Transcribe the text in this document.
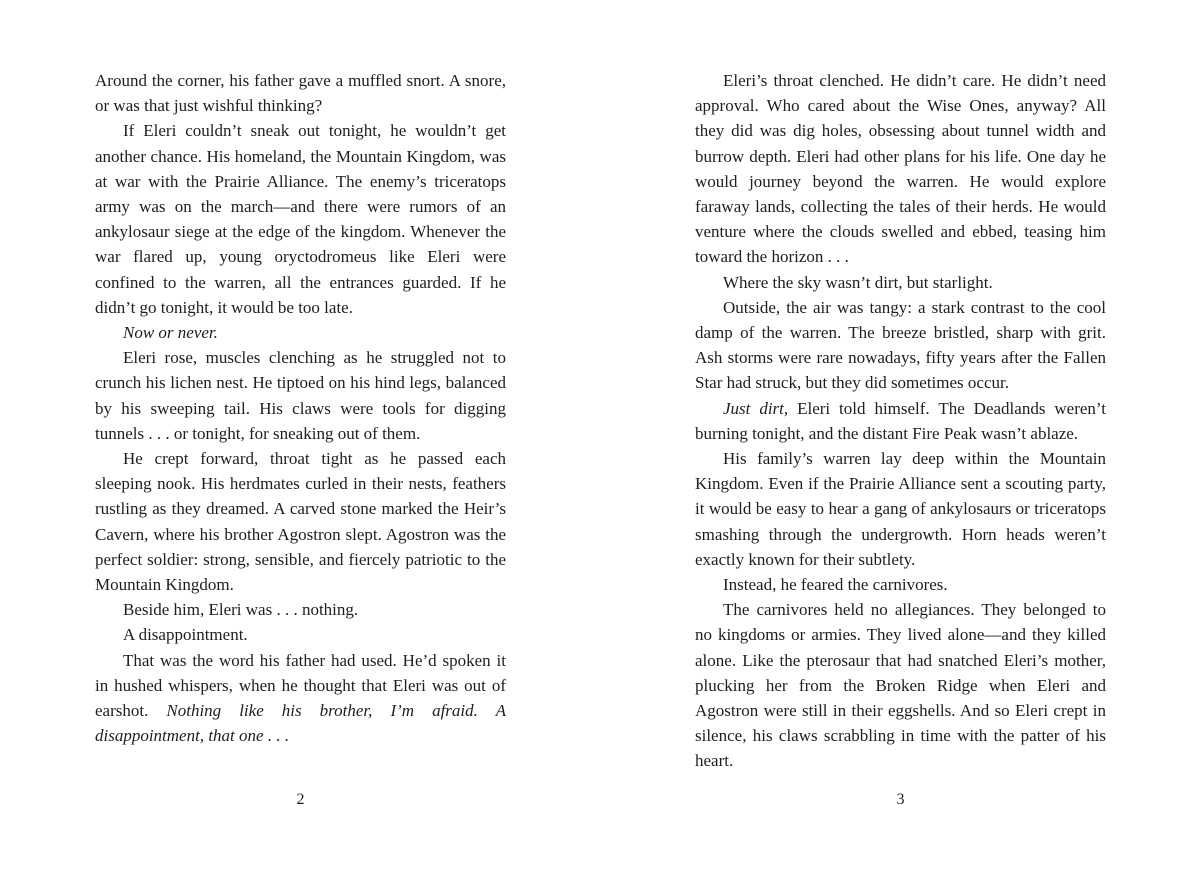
Around the corner, his father gave a muffled snort. A snore, or was that just wishful thinking?

If Eleri couldn’t sneak out tonight, he wouldn’t get another chance. His homeland, the Mountain Kingdom, was at war with the Prairie Alliance. The enemy’s triceratops army was on the march—and there were rumors of an ankylosaur siege at the edge of the kingdom. Whenever the war flared up, young oryctodromeus like Eleri were confined to the warren, all the entrances guarded. If he didn’t go tonight, it would be too late.

Now or never.

Eleri rose, muscles clenching as he struggled not to crunch his lichen nest. He tiptoed on his hind legs, balanced by his sweeping tail. His claws were tools for digging tunnels . . . or tonight, for sneaking out of them.

He crept forward, throat tight as he passed each sleeping nook. His herdmates curled in their nests, feathers rustling as they dreamed. A carved stone marked the Heir’s Cavern, where his brother Agostron slept. Agostron was the perfect soldier: strong, sensible, and fiercely patriotic to the Mountain Kingdom.

Beside him, Eleri was . . . nothing.

A disappointment.

That was the word his father had used. He’d spoken it in hushed whispers, when he thought that Eleri was out of earshot. Nothing like his brother, I’m afraid. A disappointment, that one . . .

2

Eleri’s throat clenched. He didn’t care. He didn’t need approval. Who cared about the Wise Ones, anyway? All they did was dig holes, obsessing about tunnel width and burrow depth. Eleri had other plans for his life. One day he would journey beyond the warren. He would explore faraway lands, collecting the tales of their herds. He would venture where the clouds swelled and ebbed, teasing him toward the horizon . . .

Where the sky wasn’t dirt, but starlight.

Outside, the air was tangy: a stark contrast to the cool damp of the warren. The breeze bristled, sharp with grit. Ash storms were rare nowadays, fifty years after the Fallen Star had struck, but they did sometimes occur.

Just dirt, Eleri told himself. The Deadlands weren’t burning tonight, and the distant Fire Peak wasn’t ablaze.

His family’s warren lay deep within the Mountain Kingdom. Even if the Prairie Alliance sent a scouting party, it would be easy to hear a gang of ankylosaurs or triceratops smashing through the undergrowth. Horn heads weren’t exactly known for their subtlety.

Instead, he feared the carnivores.

The carnivores held no allegiances. They belonged to no kingdoms or armies. They lived alone—and they killed alone. Like the pterosaur that had snatched Eleri’s mother, plucking her from the Broken Ridge when Eleri and Agostron were still in their eggshells. And so Eleri crept in silence, his claws scrabbling in time with the patter of his heart.

3
